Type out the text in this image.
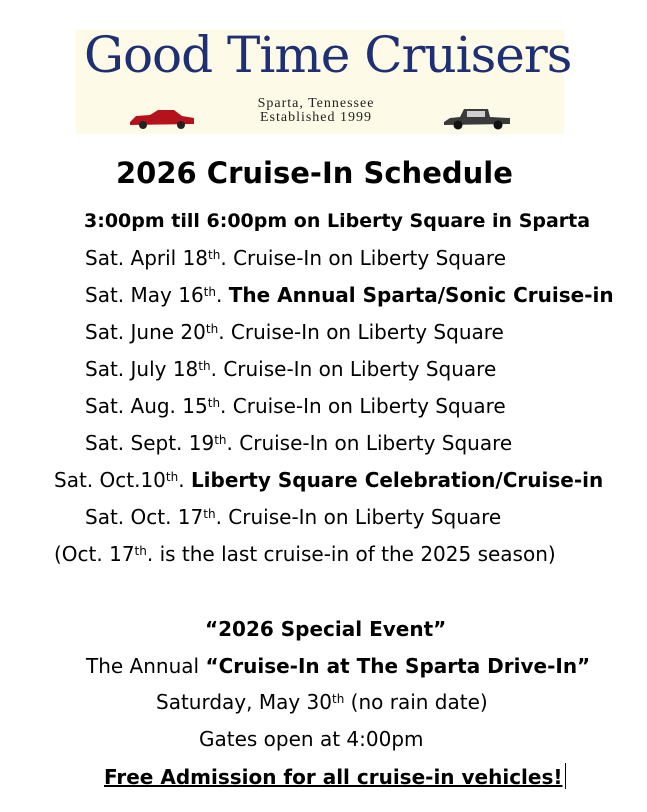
Good Time Cruisers
Sparta, Tennessee
Established 1999
2026 Cruise-In Schedule
3:00pm till 6:00pm on Liberty Square in Sparta
Sat. April 18th. Cruise-In on Liberty Square
Sat. May 16th. The Annual Sparta/Sonic Cruise-in
Sat. June 20th. Cruise-In on Liberty Square
Sat. July 18th. Cruise-In on Liberty Square
Sat. Aug. 15th. Cruise-In on Liberty Square
Sat. Sept. 19th. Cruise-In on Liberty Square
Sat. Oct.10th. Liberty Square Celebration/Cruise-in
Sat. Oct. 17th. Cruise-In on Liberty Square
(Oct. 17th. is the last cruise-in of the 2025 season)
“2026 Special Event”
The Annual “Cruise-In at The Sparta Drive-In”
Saturday, May 30th (no rain date)
Gates open at 4:00pm
Free Admission for all cruise-in vehicles!
